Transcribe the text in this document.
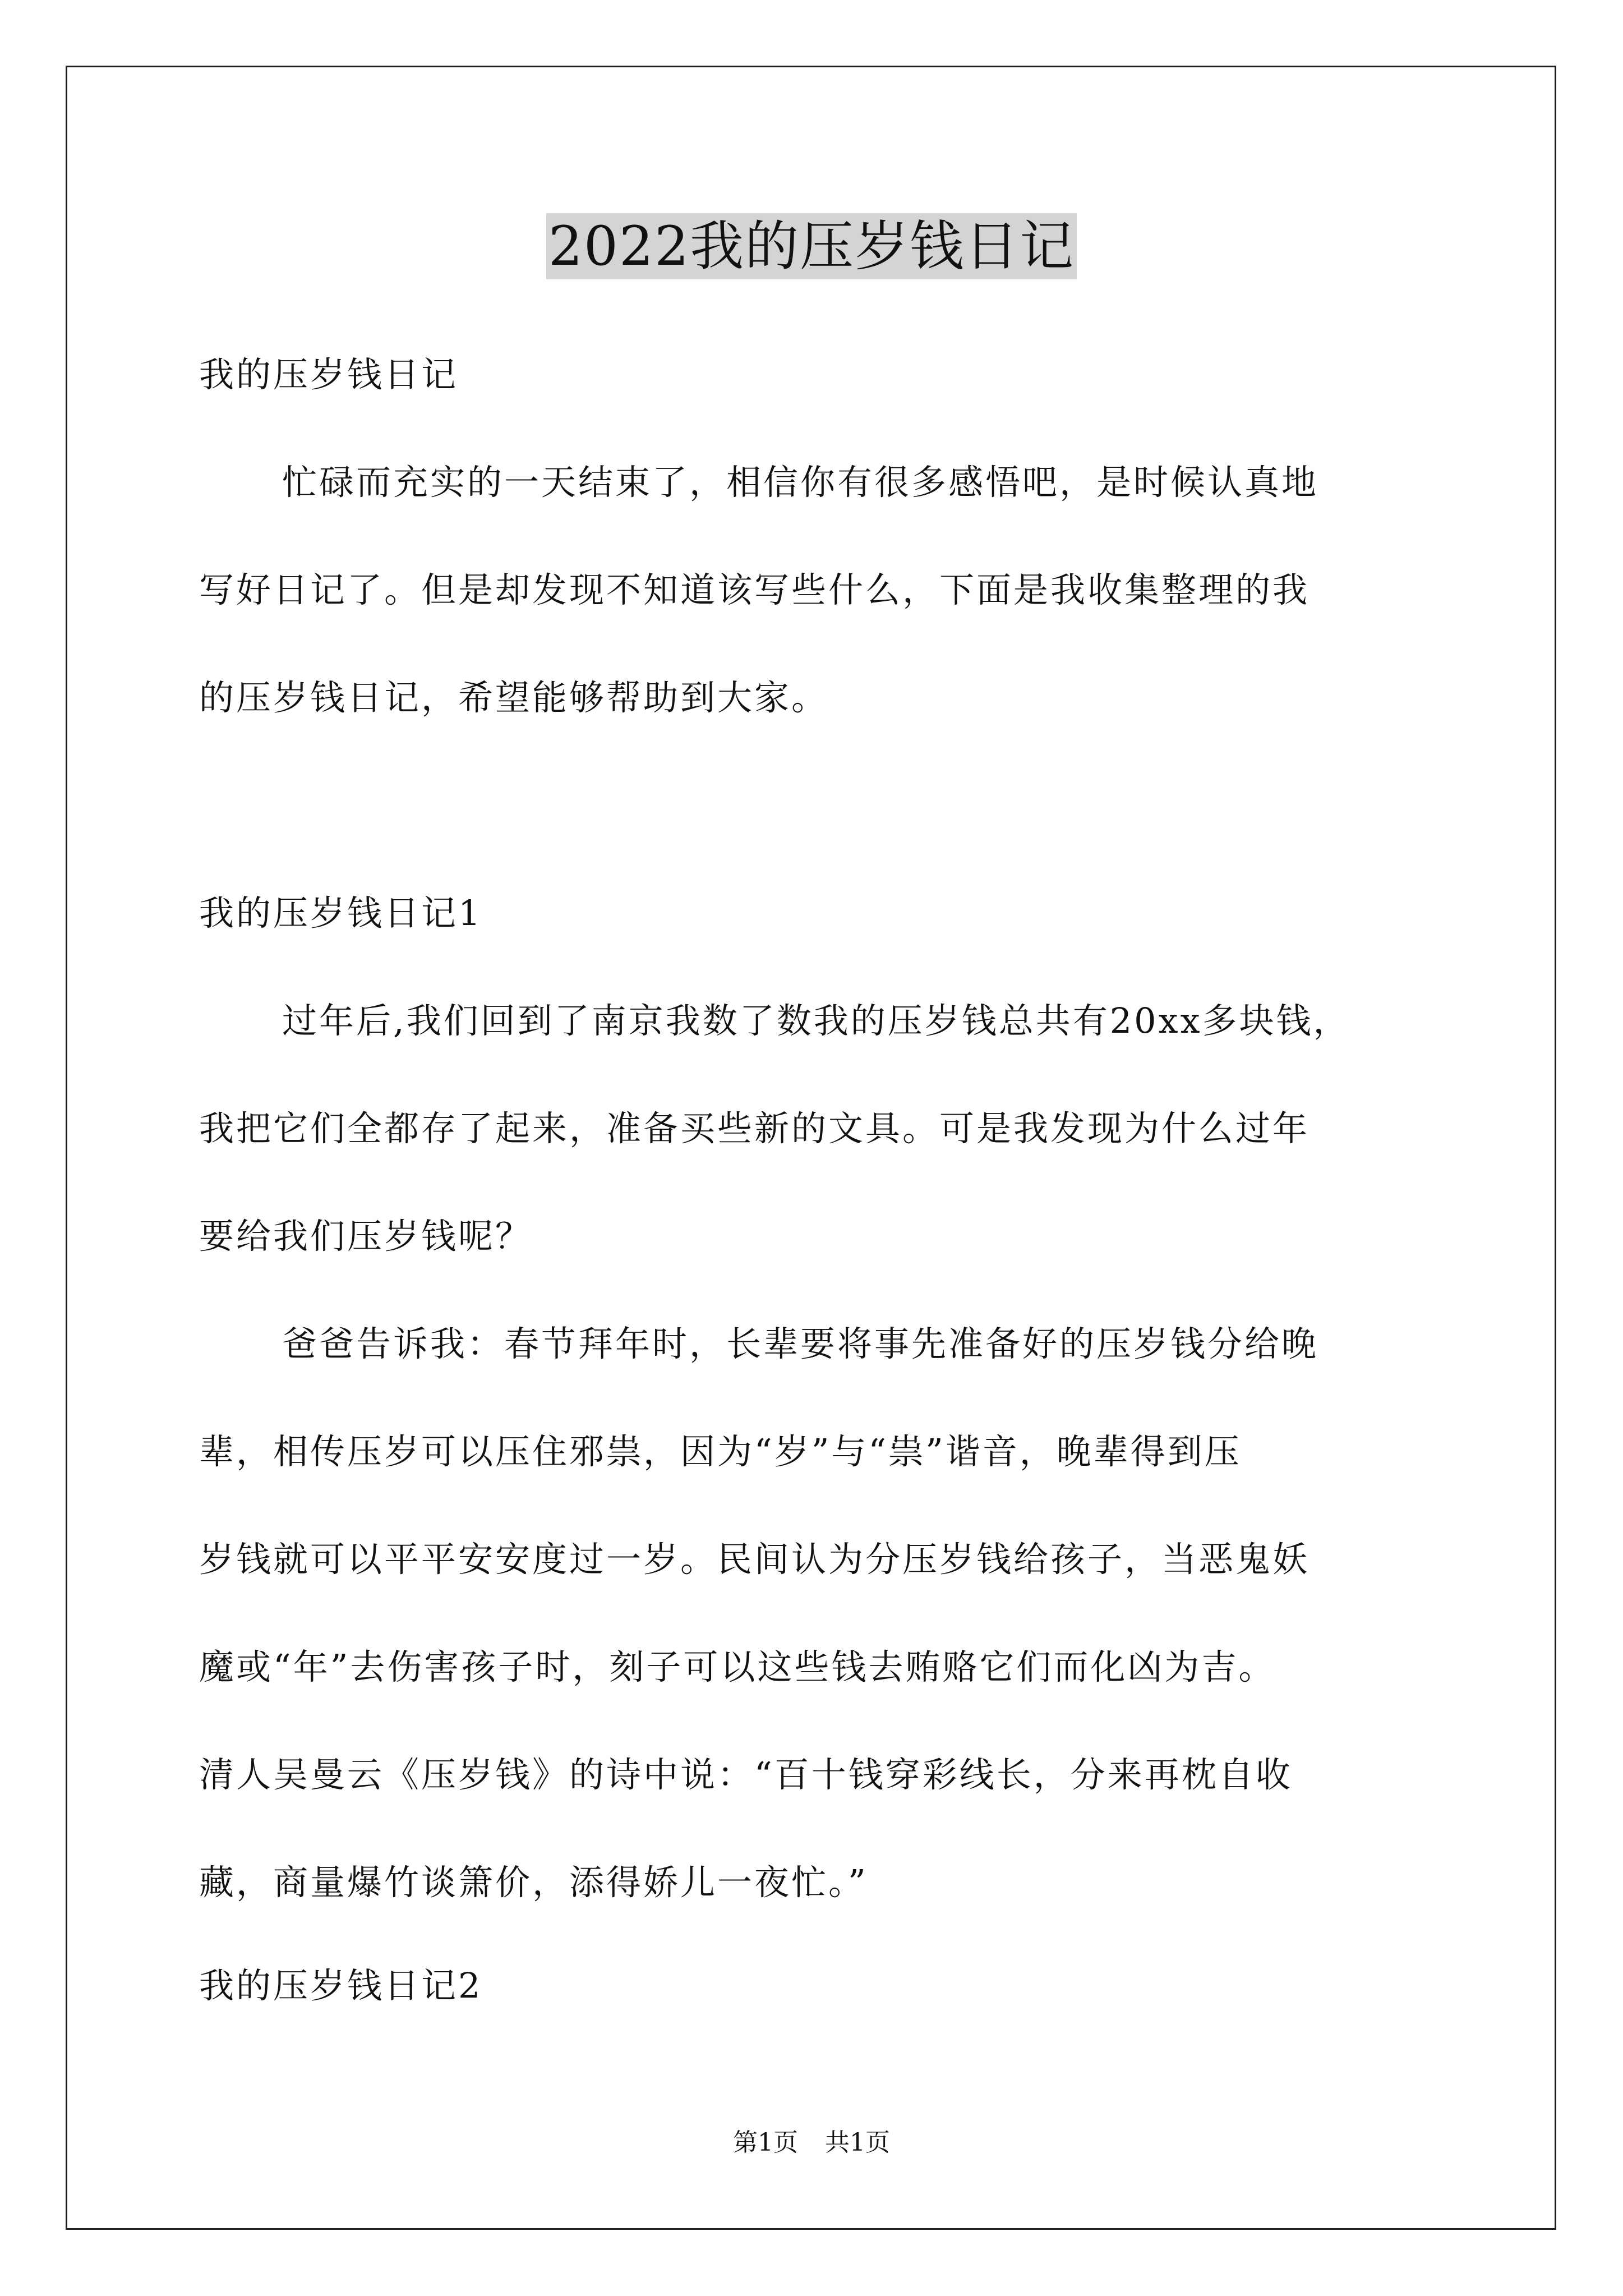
2022我的压岁钱日记
我的压岁钱日记
忙碌而充实的一天结束了，相信你有很多感悟吧，是时候认真地
写好日记了。但是却发现不知道该写些什么，下面是我收集整理的我
的压岁钱日记，希望能够帮助到大家。
我的压岁钱日记1
过年后,我们回到了南京我数了数我的压岁钱总共有20xx多块钱，
我把它们全都存了起来，准备买些新的文具。可是我发现为什么过年
要给我们压岁钱呢？
爸爸告诉我：春节拜年时，长辈要将事先准备好的压岁钱分给晚
辈，相传压岁可以压住邪祟，因为“岁”与“祟”谐音，晚辈得到压
岁钱就可以平平安安度过一岁。民间认为分压岁钱给孩子，当恶鬼妖
魔或“年”去伤害孩子时，刻子可以这些钱去贿赂它们而化凶为吉。
清人吴曼云《压岁钱》的诗中说：“百十钱穿彩线长，分来再枕自收
藏，商量爆竹谈箫价，添得娇儿一夜忙。”
我的压岁钱日记2
第1页 共1页
